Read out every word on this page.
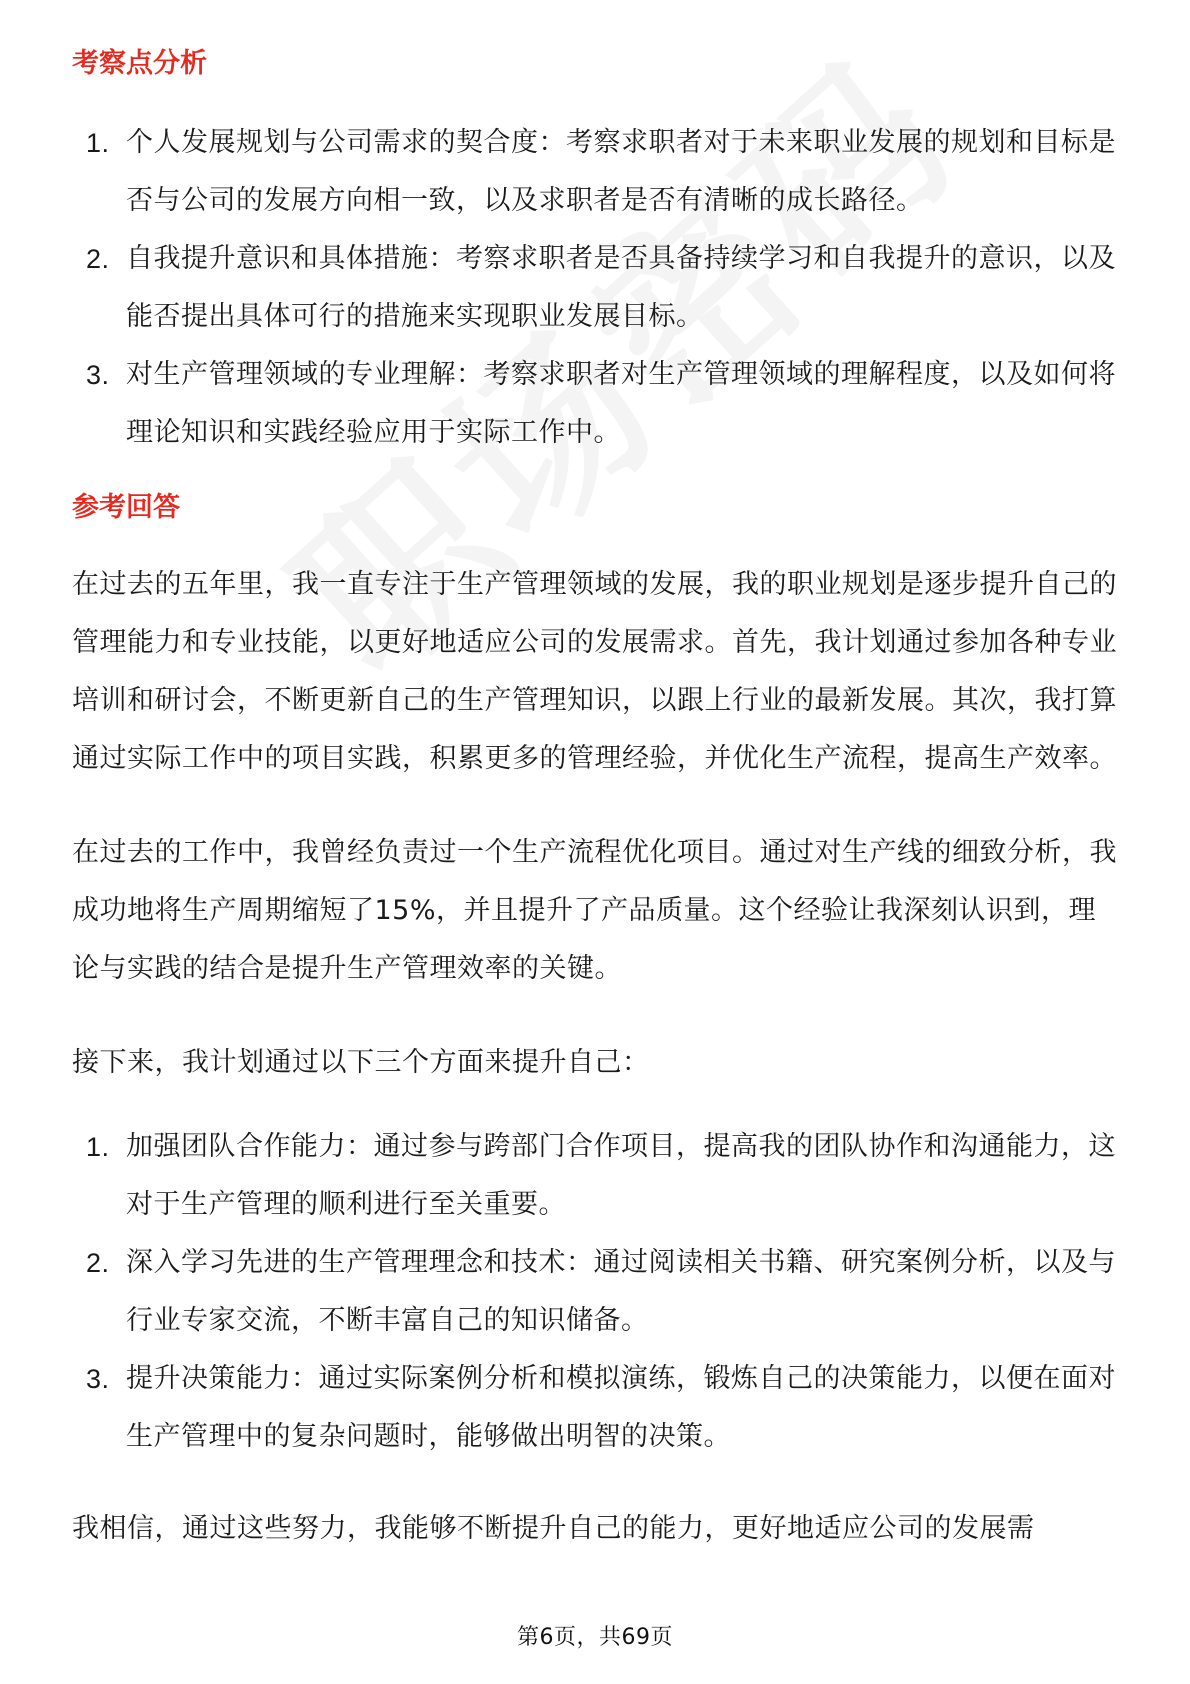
考察点分析
1. 个人发展规划与公司需求的契合度：考察求职者对于未来职业发展的规划和目标是否与公司的发展方向相一致，以及求职者是否有清晰的成长路径。
2. 自我提升意识和具体措施：考察求职者是否具备持续学习和自我提升的意识，以及能否提出具体可行的措施来实现职业发展目标。
3. 对生产管理领域的专业理解：考察求职者对生产管理领域的理解程度，以及如何将理论知识和实践经验应用于实际工作中。
参考回答

在过去的五年里，我一直专注于生产管理领域的发展，我的职业规划是逐步提升自己的管理能力和专业技能，以更好地适应公司的发展需求。首先，我计划通过参加各种专业培训和研讨会，不断更新自己的生产管理知识，以跟上行业的最新发展。其次，我打算通过实际工作中的项目实践，积累更多的管理经验，并优化生产流程，提高生产效率。

在过去的工作中，我曾经负责过一个生产流程优化项目。通过对生产线的细致分析，我成功地将生产周期缩短了15%，并且提升了产品质量。这个经验让我深刻认识到，理论与实践的结合是提升生产管理效率的关键。

接下来，我计划通过以下三个方面来提升自己：

1. 加强团队合作能力：通过参与跨部门合作项目，提高我的团队协作和沟通能力，这对于生产管理的顺利进行至关重要。
2. 深入学习先进的生产管理理念和技术：通过阅读相关书籍、研究案例分析，以及与行业专家交流，不断丰富自己的知识储备。
3. 提升决策能力：通过实际案例分析和模拟演练，锻炼自己的决策能力，以便在面对生产管理中的复杂问题时，能够做出明智的决策。

我相信，通过这些努力，我能够不断提升自己的能力，更好地适应公司的发展需

第6页，共69页
